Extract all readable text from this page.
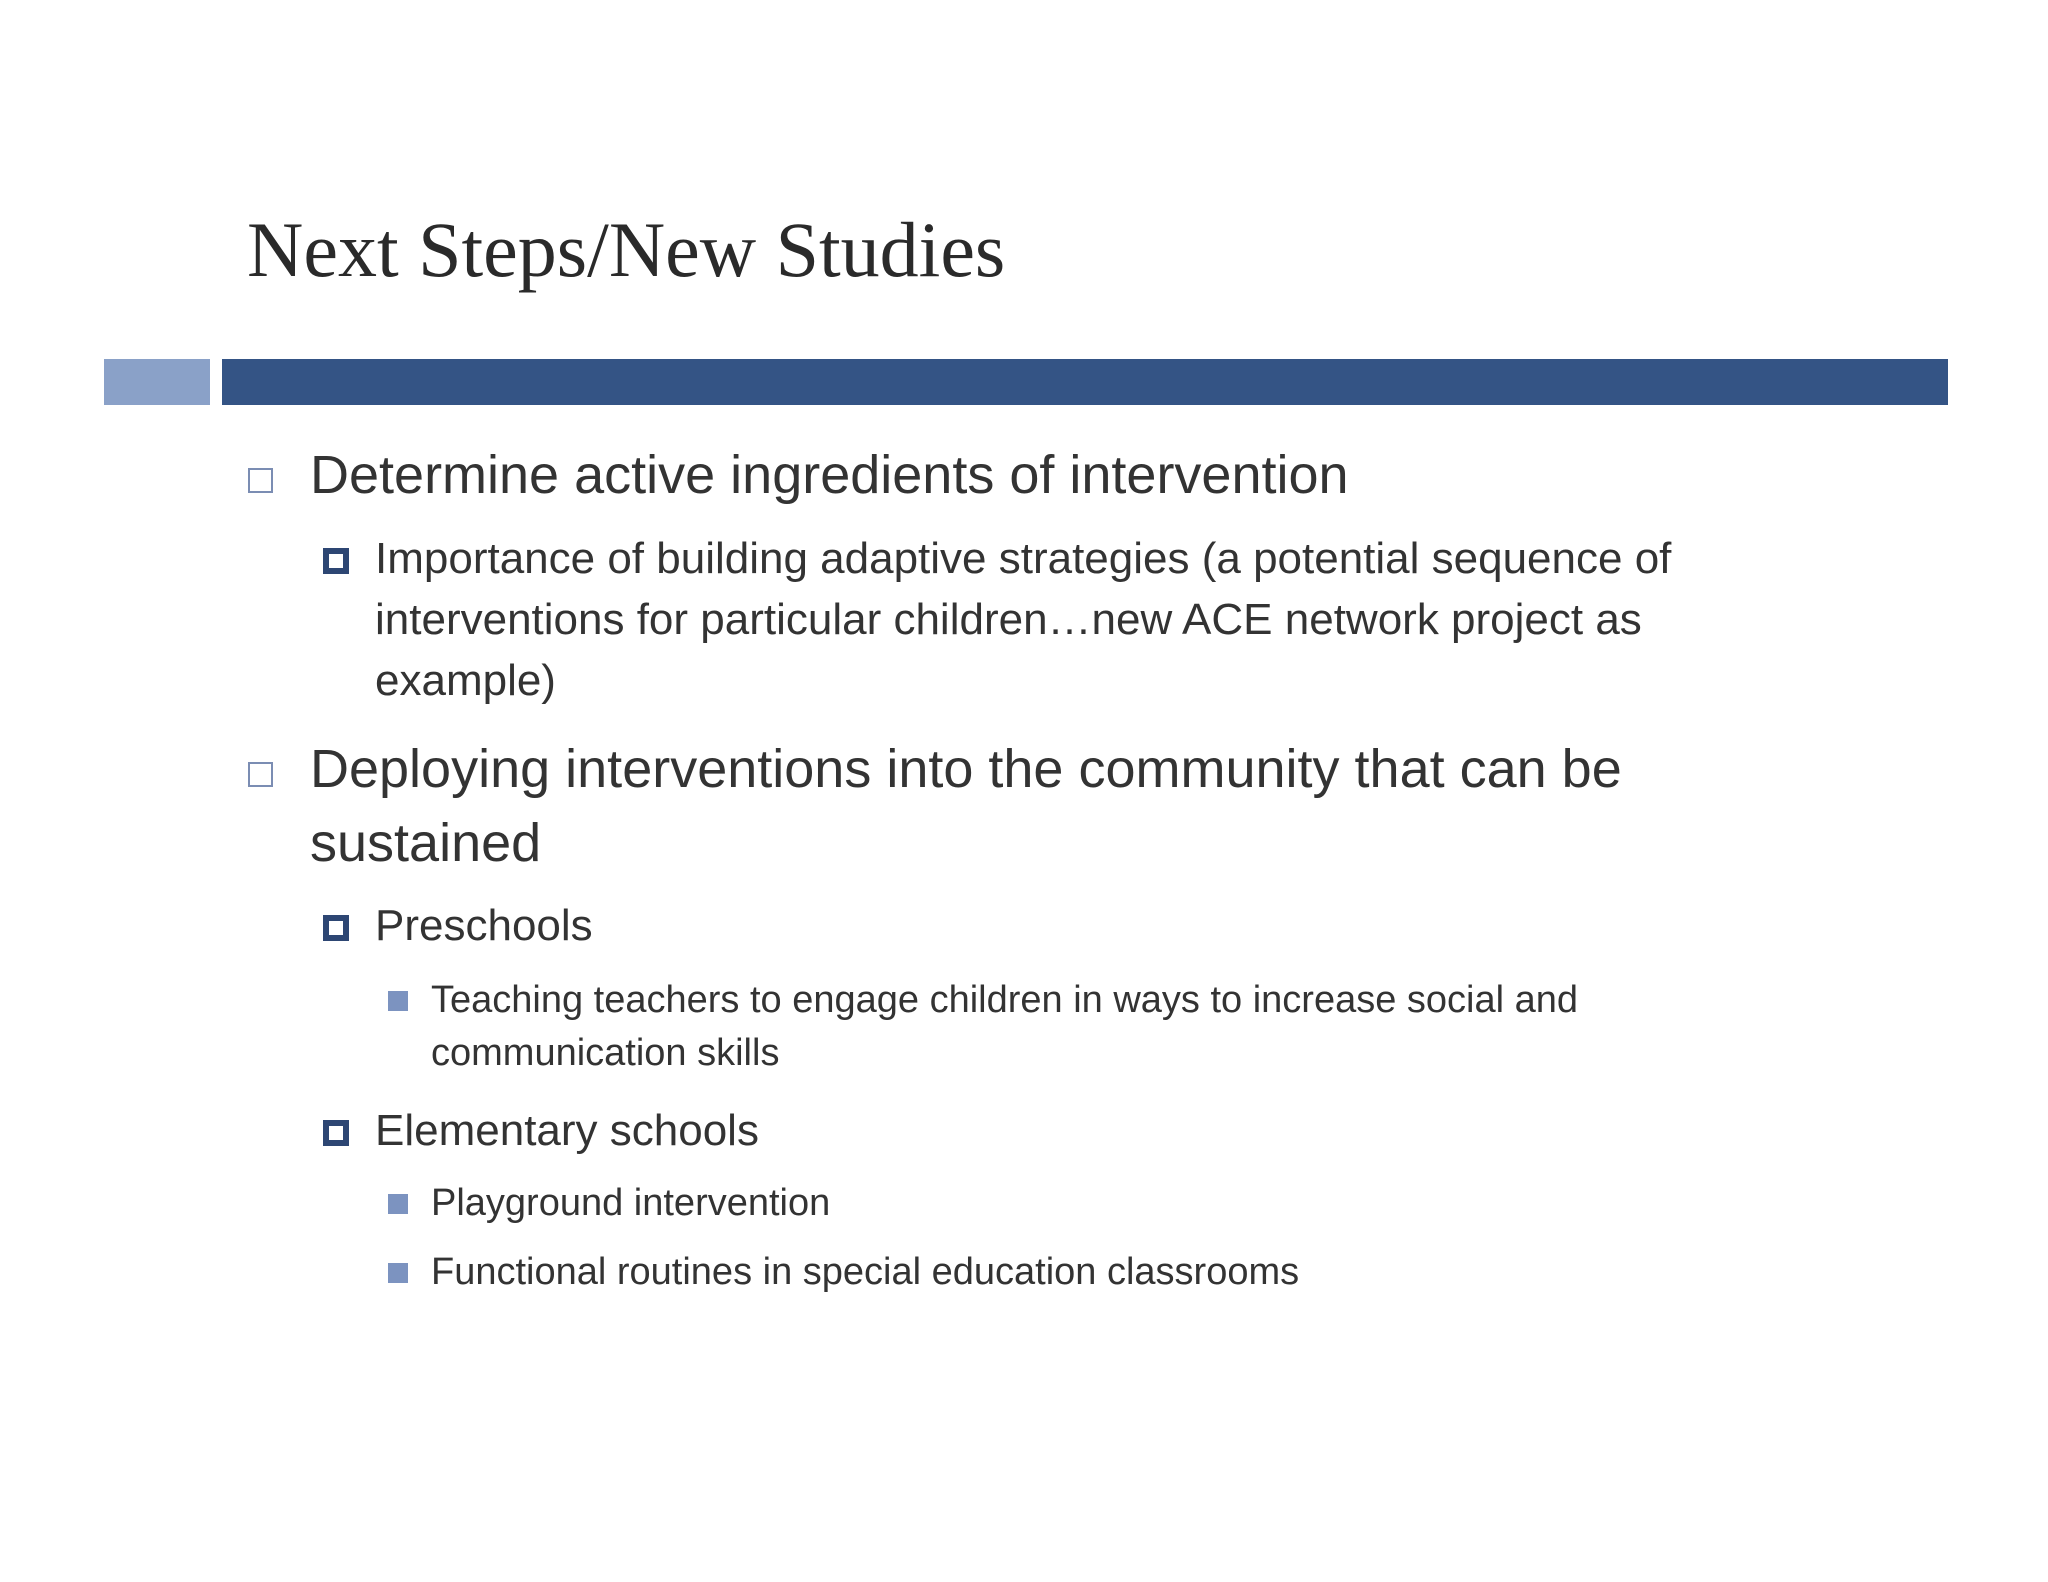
Next Steps/New Studies
Determine active ingredients of intervention
Importance of building adaptive strategies (a potential sequence of interventions for particular children…new ACE network project as example)
Deploying interventions into the community that can be sustained
Preschools
Teaching teachers to engage children in ways to increase social and communication skills
Elementary schools
Playground intervention
Functional routines in special education classrooms
